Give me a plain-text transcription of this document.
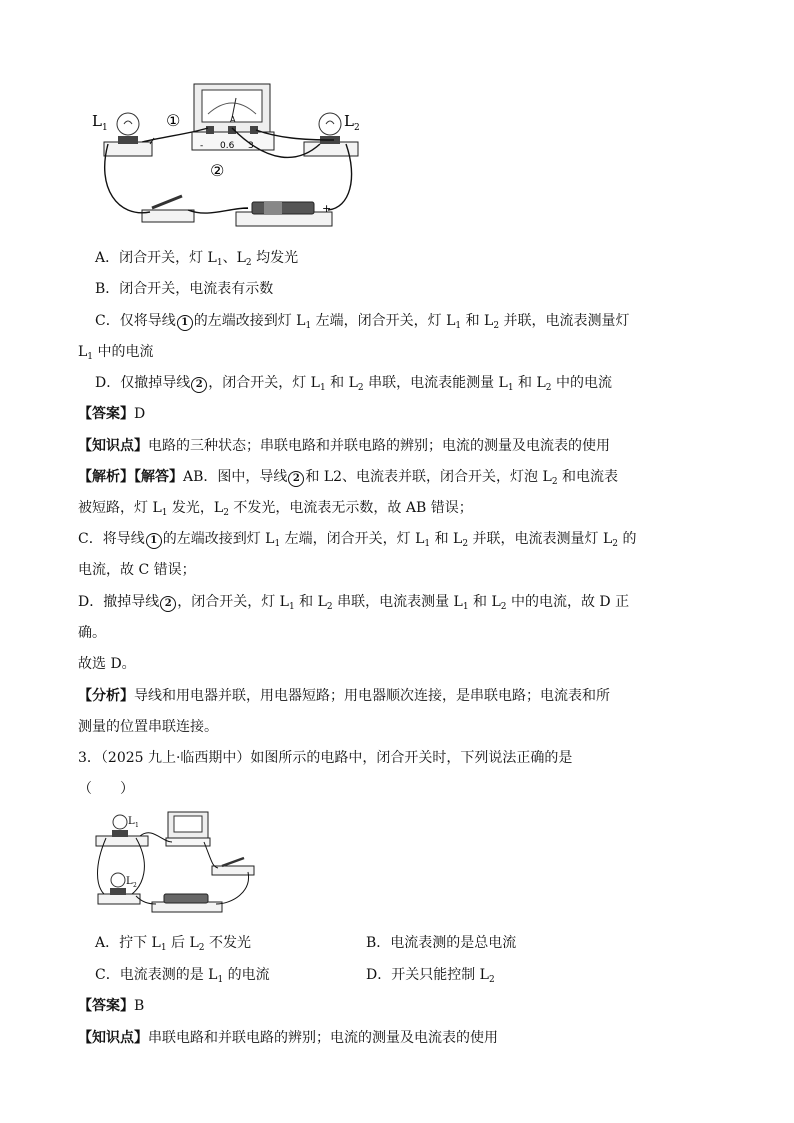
L 1	L 2
①
②
- 0.6 3
A
−	+
A．闭合开关，灯 $L_1$、$L_2$ 均发光
B．闭合开关，电流表有示数
C．仅将导线 1 的左端改接到灯 $L_1$ 左端，闭合开关，灯 $L_1$ 和 $L_2$ 并联，电流表测量灯
$L_1$ 中的电流
D．仅撤掉导线 2 ，闭合开关，灯 $L_1$ 和 $L_2$ 串联，电流表能测量 $L_1$ 和 $L_2$ 中的电流
【答案】D
【知识点】电路的三种状态；串联电路和并联电路的辨别；电流的测量及电流表的使用
【解析】【解答】AB．图中，导线 2 和 L2、电流表并联，闭合开关，灯泡 $L_2$ 和电流表
被短路，灯 $L_1$ 发光，$L_2$ 不发光，电流表无示数，故 AB 错误；
C．将导线 1 的左端改接到灯 $L_1$ 左端，闭合开关，灯 $L_1$ 和 $L_2$ 并联，电流表测量灯 $L_2$ 的
电流，故 C 错误；
D．撤掉导线 2 ，闭合开关，灯 $L_1$ 和 $L_2$ 串联，电流表测量 $L_1$ 和 $L_2$ 中的电流，故 D 正
确。
故选 D。
【分析】导线和用电器并联，用电器短路；用电器顺次连接，是串联电路；电流表和所
测量的位置串联连接。
3．（2025 九上·临西期中）如图所示的电路中，闭合开关时，下列说法正确的是
（　　）
L 1
L 2
A．拧下 $L_1$ 后 $L_2$ 不发光	B．电流表测的是总电流
C．电流表测的是 $L_1$ 的电流	D．开关只能控制 $L_2$
【答案】B
【知识点】串联电路和并联电路的辨别；电流的测量及电流表的使用
